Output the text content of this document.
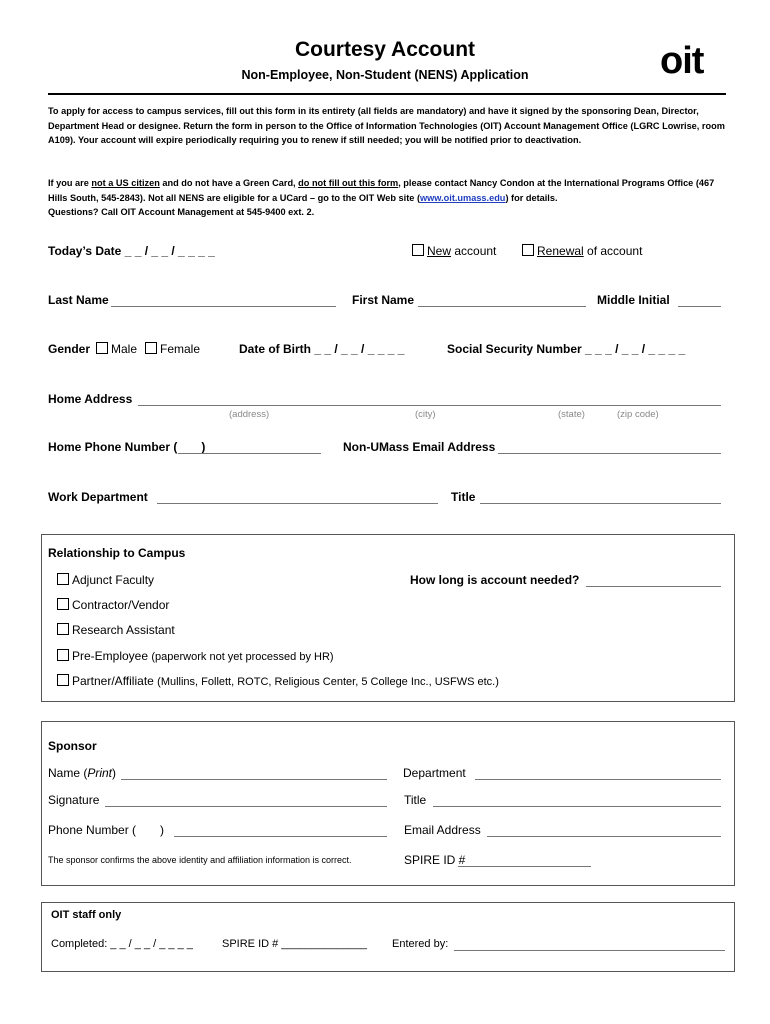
Courtesy Account
Non-Employee, Non-Student (NENS) Application	oit
To apply for access to campus services, fill out this form in its entirety (all fields are mandatory) and have it signed by the sponsoring Dean, Director, Department Head or designee. Return the form in person to the Office of Information Technologies (OIT) Account Management Office (LGRC Lowrise, room A109). Your account will expire periodically requiring you to renew if still needed; you will be notified prior to deactivation.
If you are not a US citizen and do not have a Green Card, do not fill out this form, please contact Nancy Condon at the International Programs Office (467 Hills South, 545-2843). Not all NENS are eligible for a UCard – go to the OIT Web site (www.oit.umass.edu) for details.
Questions? Call OIT Account Management at 545-9400 ext. 2.
Today’s Date _ _ / _ _ / _ _ _ _	New account	Renewal of account
Last Name	First Name	Middle Initial
Gender	Male	Female	Date of Birth _ _ / _ _ / _ _ _ _	Social Security Number _ _ _ / _ _ / _ _ _ _
Home Address
(address)	(city)	(state)	(zip code)
Home Phone Number ( )	Non-UMass Email Address
Work Department	Title
Relationship to Campus
Adjunct Faculty
Contractor/Vendor
Research Assistant
Pre-Employee (paperwork not yet processed by HR)
Partner/Affiliate (Mullins, Follett, ROTC, Religious Center, 5 College Inc., USFWS etc.)
How long is account needed?
Sponsor
Name (Print)	Department
Signature	Title
Phone Number ( )	Email Address
The sponsor confirms the above identity and affiliation information is correct.	SPIRE ID #
OIT staff only
Completed: _ _ / _ _ / _ _ _ _	SPIRE ID # ______________ Entered by:
